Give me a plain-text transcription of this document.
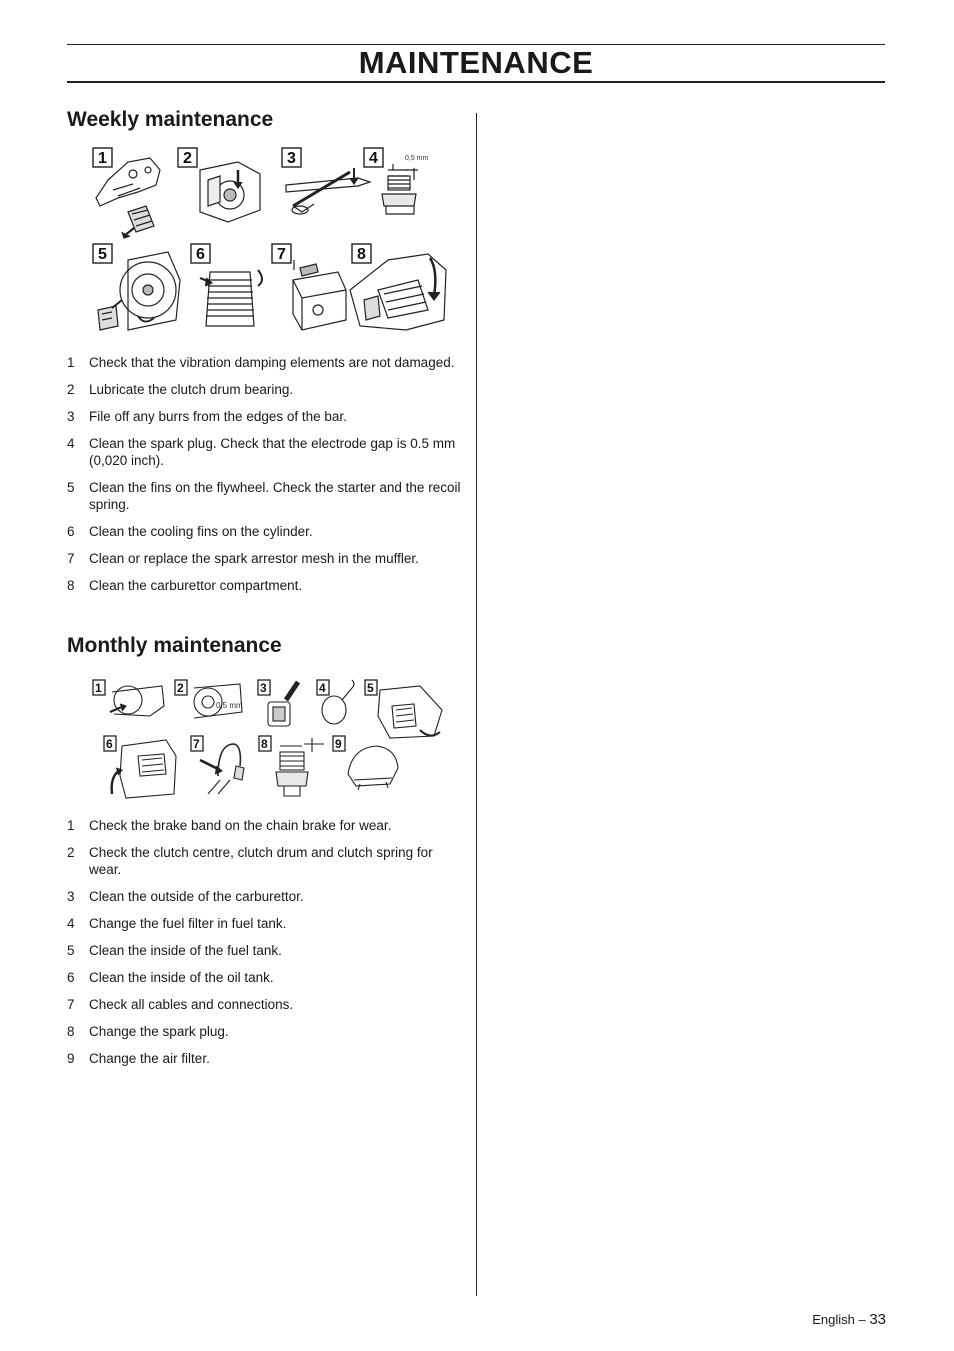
MAINTENANCE
Weekly maintenance
1	2	3	4	0,5 mm
5	6	7	8
1 Check that the vibration damping elements are not damaged.
2 Lubricate the clutch drum bearing.
3 File off any burrs from the edges of the bar.
4 Clean the spark plug. Check that the electrode gap is 0.5 mm (0,020 inch).
5 Clean the fins on the flywheel. Check the starter and the recoil spring.
6 Clean the cooling fins on the cylinder.
7 Clean or replace the spark arrestor mesh in the muffler.
8 Clean the carburettor compartment.
Monthly maintenance
1	2
0,5 mm
3	4	5
6	7	8	9
1 Check the brake band on the chain brake for wear.
2 Check the clutch centre, clutch drum and clutch spring for wear.
3 Clean the outside of the carburettor.
4 Change the fuel filter in fuel tank.
5 Clean the inside of the fuel tank.
6 Clean the inside of the oil tank.
7 Check all cables and connections.
8 Change the spark plug.
9 Change the air filter.
English – 33
